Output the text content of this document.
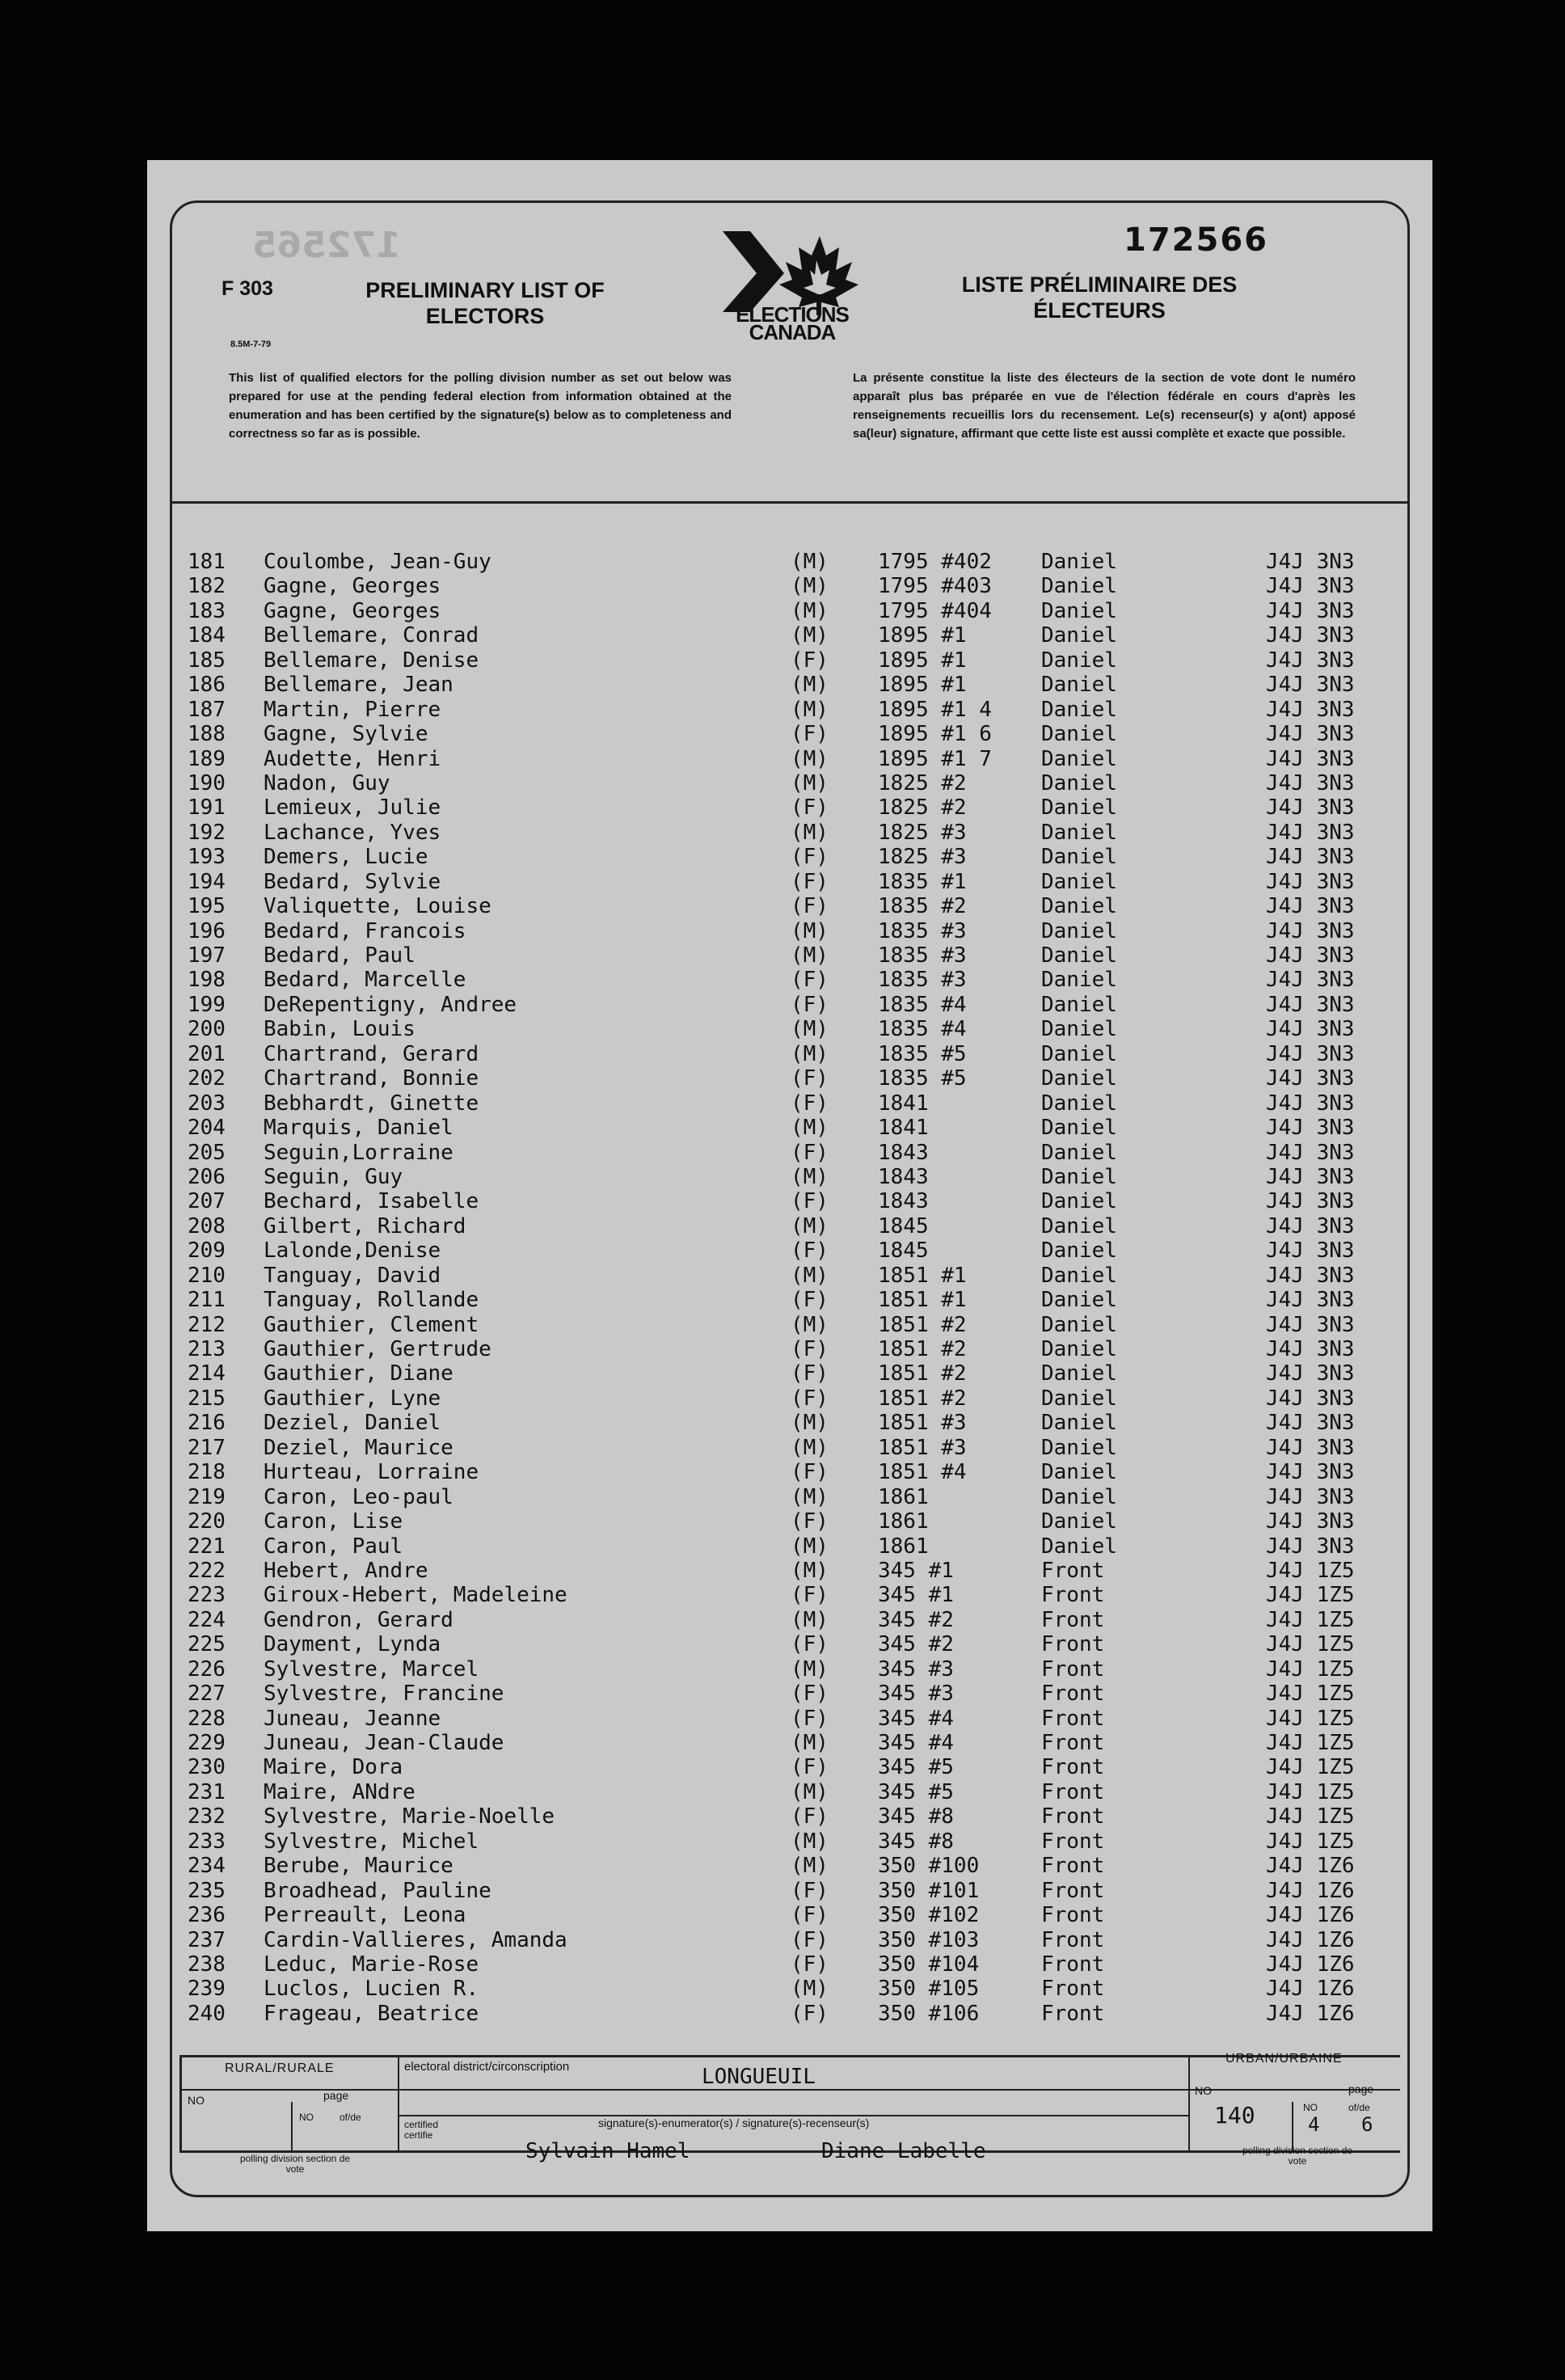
172565	172566
F 303
8.5M-7-79
PRELIMINARY LIST OF ELECTORS
LISTE PRÉLIMINAIRE DES ÉLECTEURS
ELECTIONS CANADA
This list of qualified electors for the polling division number as set out below was prepared for use at the pending federal election from information obtained at the enumeration and has been certified by the signature(s) below as to completeness and correctness so far as is possible.
La présente constitue la liste des électeurs de la section de vote dont le numéro apparaît plus bas préparée en vue de l'élection fédérale en cours d'après les renseignements recueillis lors du recensement. Le(s) recenseur(s) y a(ont) apposé sa(leur) signature, affirmant que cette liste est aussi complète et exacte que possible.
181 Coulombe, Jean-Guy	(M) 1795 #402 Daniel	J4J 3N3
182 Gagne, Georges	(M) 1795 #403 Daniel	J4J 3N3
183 Gagne, Georges	(M) 1795 #404 Daniel	J4J 3N3
184 Bellemare, Conrad	(M) 1895 #1	Daniel	J4J 3N3
185 Bellemare, Denise	(F) 1895 #1	Daniel	J4J 3N3
186 Bellemare, Jean	(M) 1895 #1	Daniel	J4J 3N3
187 Martin, Pierre	(M) 1895 #1 4 Daniel	J4J 3N3
188 Gagne, Sylvie	(F) 1895 #1 6 Daniel	J4J 3N3
189 Audette, Henri	(M) 1895 #1 7 Daniel	J4J 3N3
190 Nadon, Guy	(M) 1825 #2	Daniel	J4J 3N3
191 Lemieux, Julie	(F) 1825 #2	Daniel	J4J 3N3
192 Lachance, Yves	(M) 1825 #3	Daniel	J4J 3N3
193 Demers, Lucie	(F) 1825 #3	Daniel	J4J 3N3
194 Bedard, Sylvie	(F) 1835 #1	Daniel	J4J 3N3
195 Valiquette, Louise	(F) 1835 #2	Daniel	J4J 3N3
196 Bedard, Francois	(M) 1835 #3	Daniel	J4J 3N3
197 Bedard, Paul	(M) 1835 #3	Daniel	J4J 3N3
198 Bedard, Marcelle	(F) 1835 #3	Daniel	J4J 3N3
199 DeRepentigny, Andree	(F) 1835 #4	Daniel	J4J 3N3
200 Babin, Louis	(M) 1835 #4	Daniel	J4J 3N3
201 Chartrand, Gerard	(M) 1835 #5	Daniel	J4J 3N3
202 Chartrand, Bonnie	(F) 1835 #5	Daniel	J4J 3N3
203 Bebhardt, Ginette	(F) 1841	Daniel	J4J 3N3
204 Marquis, Daniel	(M) 1841	Daniel	J4J 3N3
205 Seguin,Lorraine	(F) 1843	Daniel	J4J 3N3
206 Seguin, Guy	(M) 1843	Daniel	J4J 3N3
207 Bechard, Isabelle	(F) 1843	Daniel	J4J 3N3
208 Gilbert, Richard	(M) 1845	Daniel	J4J 3N3
209 Lalonde,Denise	(F) 1845	Daniel	J4J 3N3
210 Tanguay, David	(M) 1851 #1	Daniel	J4J 3N3
211 Tanguay, Rollande	(F) 1851 #1	Daniel	J4J 3N3
212 Gauthier, Clement	(M) 1851 #2	Daniel	J4J 3N3
213 Gauthier, Gertrude	(F) 1851 #2	Daniel	J4J 3N3
214 Gauthier, Diane	(F) 1851 #2	Daniel	J4J 3N3
215 Gauthier, Lyne	(F) 1851 #2	Daniel	J4J 3N3
216 Deziel, Daniel	(M) 1851 #3	Daniel	J4J 3N3
217 Deziel, Maurice	(M) 1851 #3	Daniel	J4J 3N3
218 Hurteau, Lorraine	(F) 1851 #4	Daniel	J4J 3N3
219 Caron, Leo-paul	(M) 1861	Daniel	J4J 3N3
220 Caron, Lise	(F) 1861	Daniel	J4J 3N3
221 Caron, Paul	(M) 1861	Daniel	J4J 3N3
222 Hebert, Andre	(M) 345 #1	Front	J4J 1Z5
223 Giroux-Hebert, Madeleine	(F) 345 #1	Front	J4J 1Z5
224 Gendron, Gerard	(M) 345 #2	Front	J4J 1Z5
225 Dayment, Lynda	(F) 345 #2	Front	J4J 1Z5
226 Sylvestre, Marcel	(M) 345 #3	Front	J4J 1Z5
227 Sylvestre, Francine	(F) 345 #3	Front	J4J 1Z5
228 Juneau, Jeanne	(F) 345 #4	Front	J4J 1Z5
229 Juneau, Jean-Claude	(M) 345 #4	Front	J4J 1Z5
230 Maire, Dora	(F) 345 #5	Front	J4J 1Z5
231 Maire, ANdre	(M) 345 #5	Front	J4J 1Z5
232 Sylvestre, Marie-Noelle	(F) 345 #8	Front	J4J 1Z5
233 Sylvestre, Michel	(M) 345 #8	Front	J4J 1Z5
234 Berube, Maurice	(M) 350 #100	Front	J4J 1Z6
235 Broadhead, Pauline	(F) 350 #101	Front	J4J 1Z6
236 Perreault, Leona	(F) 350 #102	Front	J4J 1Z6
237 Cardin-Vallieres, Amanda	(F) 350 #103	Front	J4J 1Z6
238 Leduc, Marie-Rose	(F) 350 #104	Front	J4J 1Z6
239 Luclos, Lucien R.	(M) 350 #105	Front	J4J 1Z6
240 Frageau, Beatrice	(F) 350 #106	Front	J4J 1Z6
RURAL/RURALE
NO	page
NO	of/de
electoral district/circonscription	LONGUEUIL
URBAN/URBAINE
NO	page
140	NO	of/de
4 6
certified certifie
signature(s)-enumerator(s) / signature(s)-recenseur(s)
Sylvain Hamel	Diane Labelle
polling division section de vote
polling division section de vote
